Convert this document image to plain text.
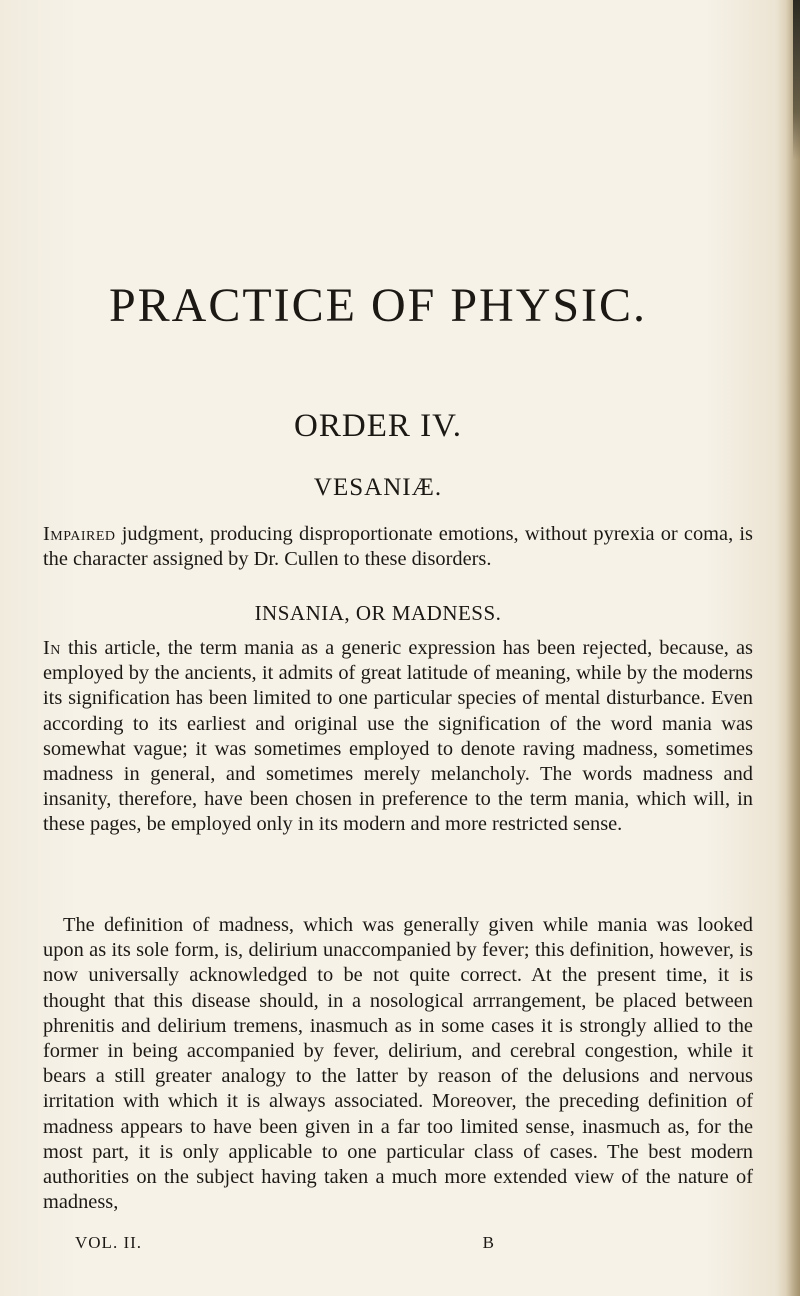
PRACTICE OF PHYSIC.
ORDER IV.
VESANIÆ.

Impaired judgment, producing disproportionate emotions, without pyrexia or coma, is the character assigned by Dr. Cullen to these disorders.

INSANIA, OR MADNESS.

In this article, the term mania as a generic expression has been rejected, because, as employed by the ancients, it admits of great latitude of meaning, while by the moderns its signification has been limited to one particular species of mental disturbance. Even according to its earliest and original use the signification of the word mania was somewhat vague; it was sometimes employed to denote raving madness, sometimes madness in general, and sometimes merely melancholy. The words madness and insanity, therefore, have been chosen in preference to the term mania, which will, in these pages, be employed only in its modern and more restricted sense.

The definition of madness, which was generally given while mania was looked upon as its sole form, is, delirium unaccompanied by fever; this definition, however, is now universally acknowledged to be not quite correct. At the present time, it is thought that this disease should, in a nosological arrrangement, be placed between phrenitis and delirium tremens, inasmuch as in some cases it is strongly allied to the former in being accompanied by fever, delirium, and cerebral congestion, while it bears a still greater analogy to the latter by reason of the delusions and nervous irritation with which it is always associated. Moreover, the preceding definition of madness appears to have been given in a far too limited sense, inasmuch as, for the most part, it is only applicable to one particular class of cases. The best modern authorities on the subject having taken a much more extended view of the nature of madness,

VOL. II.	B
